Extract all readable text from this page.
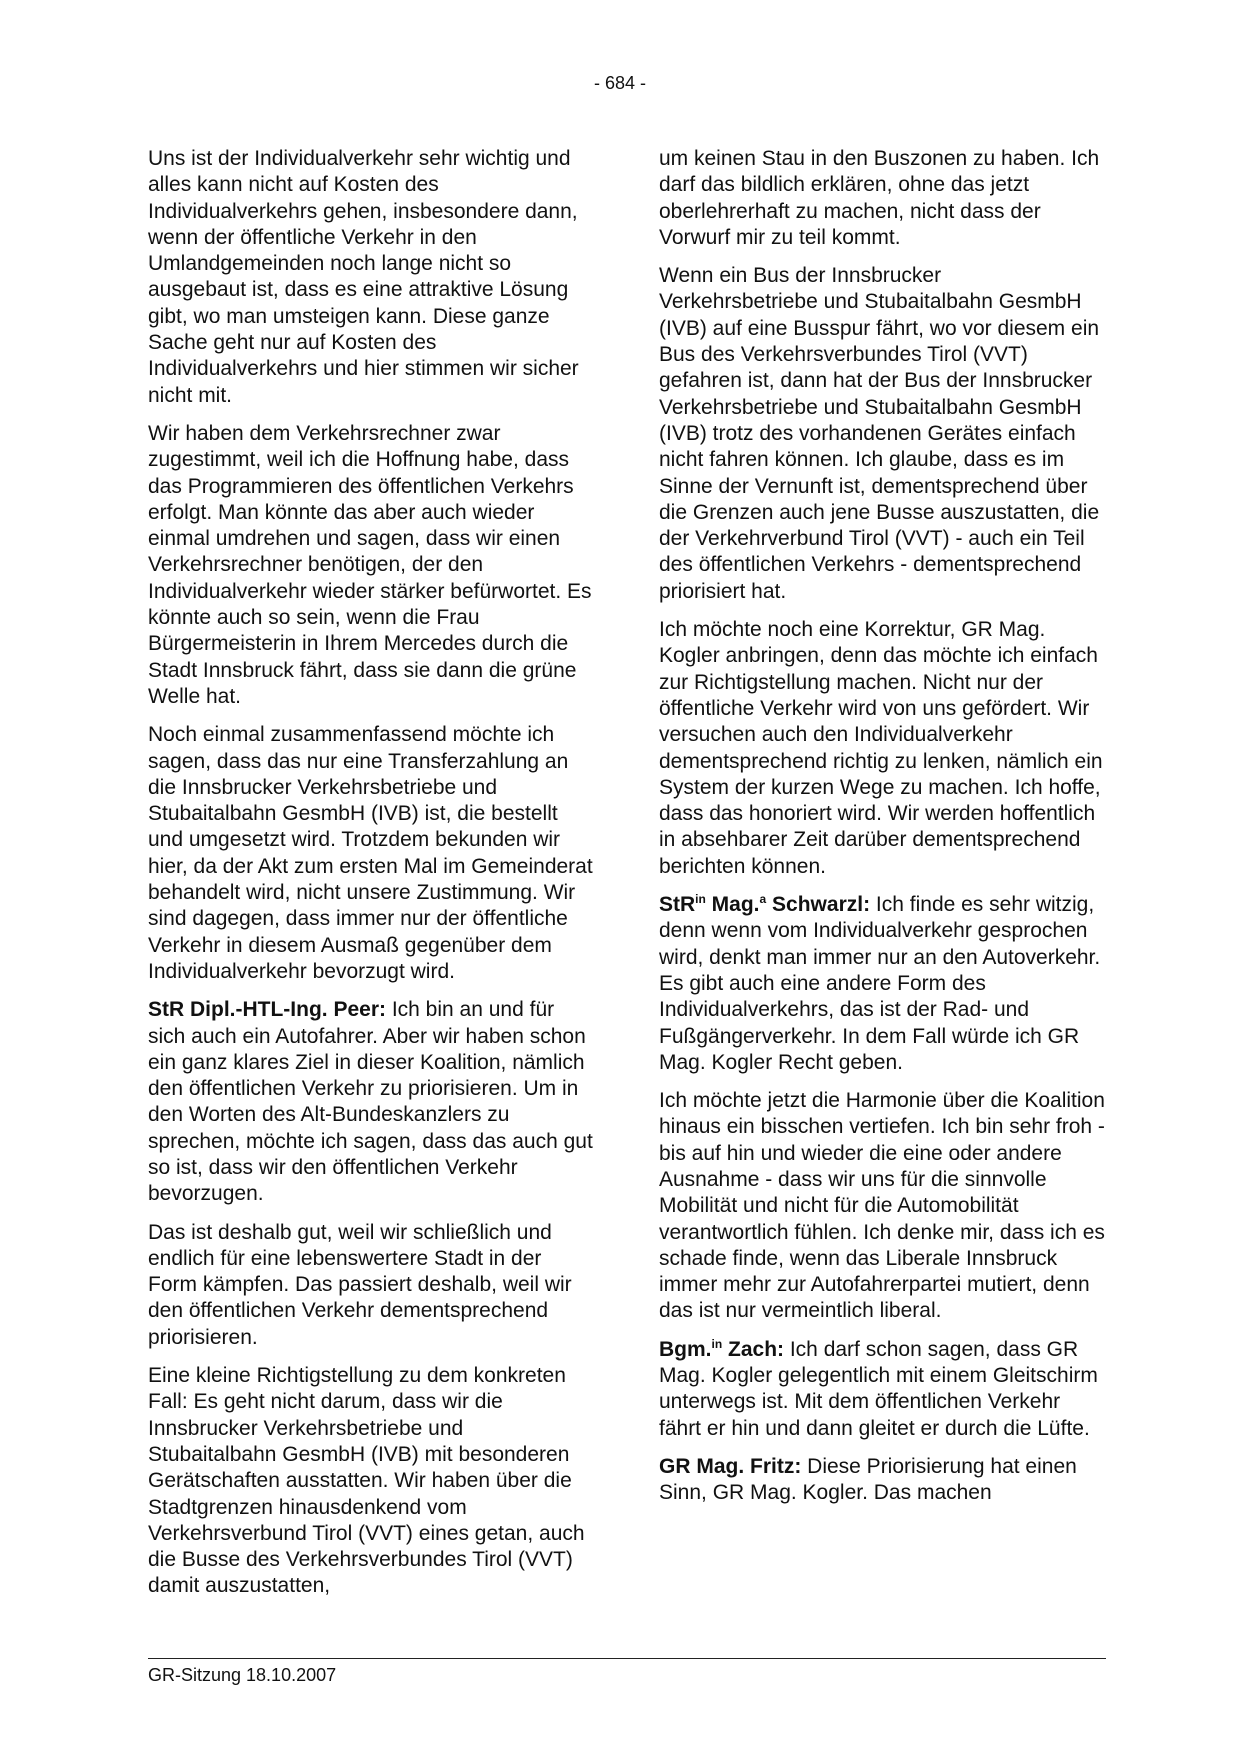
- 684 -

Uns ist der Individualverkehr sehr wichtig und alles kann nicht auf Kosten des Individualverkehrs gehen, insbesondere dann, wenn der öffentliche Verkehr in den Umlandgemeinden noch lange nicht so ausgebaut ist, dass es eine attraktive Lösung gibt, wo man umsteigen kann. Diese ganze Sache geht nur auf Kosten des Individualverkehrs und hier stimmen wir sicher nicht mit.

Wir haben dem Verkehrsrechner zwar zugestimmt, weil ich die Hoffnung habe, dass das Programmieren des öffentlichen Verkehrs erfolgt. Man könnte das aber auch wieder einmal umdrehen und sagen, dass wir einen Verkehrsrechner benötigen, der den Individualverkehr wieder stärker befürwortet. Es könnte auch so sein, wenn die Frau Bürgermeisterin in Ihrem Mercedes durch die Stadt Innsbruck fährt, dass sie dann die grüne Welle hat.

Noch einmal zusammenfassend möchte ich sagen, dass das nur eine Transferzahlung an die Innsbrucker Verkehrsbetriebe und Stubaitalbahn GesmbH (IVB) ist, die bestellt und umgesetzt wird. Trotzdem bekunden wir hier, da der Akt zum ersten Mal im Gemeinderat behandelt wird, nicht unsere Zustimmung. Wir sind dagegen, dass immer nur der öffentliche Verkehr in diesem Ausmaß gegenüber dem Individualverkehr bevorzugt wird.

StR Dipl.-HTL-Ing. Peer: Ich bin an und für sich auch ein Autofahrer. Aber wir haben schon ein ganz klares Ziel in dieser Koalition, nämlich den öffentlichen Verkehr zu priorisieren. Um in den Worten des Alt-Bundeskanzlers zu sprechen, möchte ich sagen, dass das auch gut so ist, dass wir den öffentlichen Verkehr bevorzugen.

Das ist deshalb gut, weil wir schließlich und endlich für eine lebenswertere Stadt in der Form kämpfen. Das passiert deshalb, weil wir den öffentlichen Verkehr dementsprechend priorisieren.

Eine kleine Richtigstellung zu dem konkreten Fall: Es geht nicht darum, dass wir die Innsbrucker Verkehrsbetriebe und Stubaitalbahn GesmbH (IVB) mit besonderen Gerätschaften ausstatten. Wir haben über die Stadtgrenzen hinausdenkend vom Verkehrsverbund Tirol (VVT) eines getan, auch die Busse des Verkehrsverbundes Tirol (VVT) damit auszustatten,

um keinen Stau in den Buszonen zu haben. Ich darf das bildlich erklären, ohne das jetzt oberlehrerhaft zu machen, nicht dass der Vorwurf mir zu teil kommt.

Wenn ein Bus der Innsbrucker Verkehrsbetriebe und Stubaitalbahn GesmbH (IVB) auf eine Busspur fährt, wo vor diesem ein Bus des Verkehrsverbundes Tirol (VVT) gefahren ist, dann hat der Bus der Innsbrucker Verkehrsbetriebe und Stubaitalbahn GesmbH (IVB) trotz des vorhandenen Gerätes einfach nicht fahren können. Ich glaube, dass es im Sinne der Vernunft ist, dementsprechend über die Grenzen auch jene Busse auszustatten, die der Verkehrverbund Tirol (VVT) - auch ein Teil des öffentlichen Verkehrs - dementsprechend priorisiert hat.

Ich möchte noch eine Korrektur, GR Mag. Kogler anbringen, denn das möchte ich einfach zur Richtigstellung machen. Nicht nur der öffentliche Verkehr wird von uns gefördert. Wir versuchen auch den Individualverkehr dementsprechend richtig zu lenken, nämlich ein System der kurzen Wege zu machen. Ich hoffe, dass das honoriert wird. Wir werden hoffentlich in absehbarer Zeit darüber dementsprechend berichten können.

StR$^{in}$ Mag.$^a$ Schwarzl: Ich finde es sehr witzig, denn wenn vom Individualverkehr gesprochen wird, denkt man immer nur an den Autoverkehr. Es gibt auch eine andere Form des Individualverkehrs, das ist der Rad- und Fußgängerverkehr. In dem Fall würde ich GR Mag. Kogler Recht geben.

Ich möchte jetzt die Harmonie über die Koalition hinaus ein bisschen vertiefen. Ich bin sehr froh - bis auf hin und wieder die eine oder andere Ausnahme - dass wir uns für die sinnvolle Mobilität und nicht für die Automobilität verantwortlich fühlen. Ich denke mir, dass ich es schade finde, wenn das Liberale Innsbruck immer mehr zur Autofahrerpartei mutiert, denn das ist nur vermeintlich liberal.

Bgm.$^{in}$ Zach: Ich darf schon sagen, dass GR Mag. Kogler gelegentlich mit einem Gleitschirm unterwegs ist. Mit dem öffentlichen Verkehr fährt er hin und dann gleitet er durch die Lüfte.

GR Mag. Fritz: Diese Priorisierung hat einen Sinn, GR Mag. Kogler. Das machen

GR-Sitzung 18.10.2007
